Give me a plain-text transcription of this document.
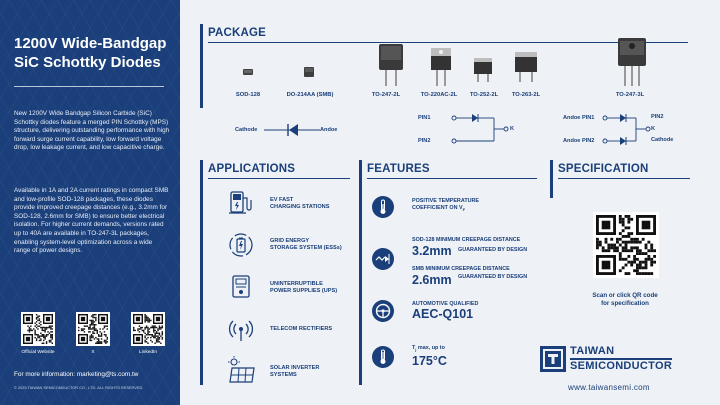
1200V Wide-Bandgap
SiC Schottky Diodes

New 1200V Wide Bandgap Silicon Carbide (SiC) Schottky diodes feature a merged PIN Schottky (MPS) structure, delivering outstanding performance with high forward surge current capability, low forward voltage drop, low leakage current, and low capacitive charge.

Available in 1A and 2A current ratings in compact SMB and low-profile SOD-128 packages, these diodes provide improved creepage distances (e.g., 3.2mm for SOD-128, 2.6mm for SMB) to ensure better electrical isolation. For higher current demands, versions rated up to 40A are available in TO-247-3L packages, enabling system-level optimization across a wide range of power designs.

Official Website	X	LinkedIn
For more information: marketing@ts.com.tw
© 2025 TAIWAN SEMICONDUCTOR CO., LTD. ALL RIGHTS RESERVED.
PACKAGE
SOD-128	DO-214AA (SMB)	TO-247-2L	TO-220AC-2L TO-252-2L TO-263-2L	TO-247-3L
Cathode	Andoe
PIN1
PIN2
K
Andoe PIN1
Andoe PIN2
PIN2
K
Cathode
APPLICATIONS
EV FAST
CHARGING STATIONS
GRID ENERGY
STORAGE SYSTEM (ESSs)
UNINTERRUPTIBLE
POWER SUPPLIES (UPS)
TELECOM RECTIFIERS
SOLAR INVERTER
SYSTEMS
FEATURES
POSITIVE TEMPERATURE
COEFFICIENT ON $V_F$
SOD-128 MINIMUM CREEPAGE DISTANCE
3.2mm GUARANTEED BY DESIGN
SMB MINIMUM CREEPAGE DISTANCE
2.6mm GUARANTEED BY DESIGN
AUTOMOTIVE QUALIFIED
AEC-Q101
$T_j$ max, up to
175°C
SPECIFICATION
Scan or click QR code
for specification
TAIWAN
SEMICONDUCTOR
www.taiwansemi.com
